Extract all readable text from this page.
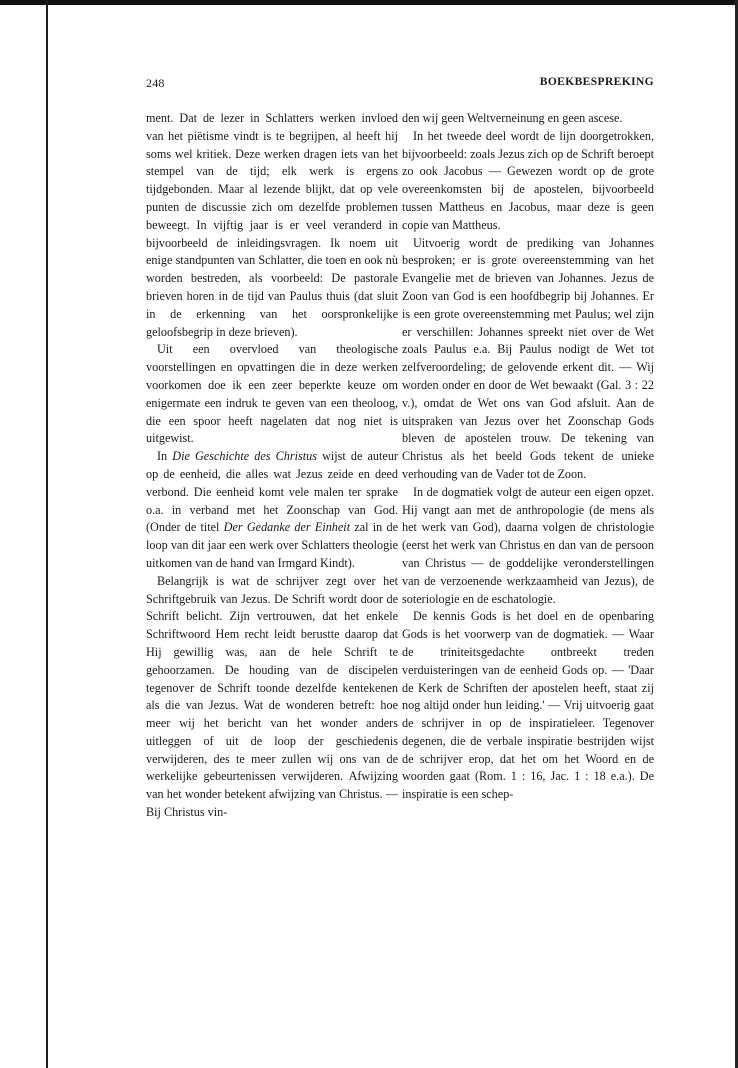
248	BOEKBESPREKING

ment. Dat de lezer in Schlatters werken invloed van het piëtisme vindt is te begrijpen, al heeft hij soms wel kritiek. Deze werken dragen iets van het stempel van de tijd; elk werk is ergens tijdgebonden. Maar al lezende blijkt, dat op vele punten de discussie zich om dezelfde problemen beweegt. In vijftig jaar is er veel veranderd in bijvoorbeeld de inleidingsvragen. Ik noem uit enige standpunten van Schlatter, die toen en ook nù worden bestreden, als voorbeeld: De pastorale brieven horen in de tijd van Paulus thuis (dat sluit in de erkenning van het oorspronkelijke geloofsbegrip in deze brieven).

Uit een overvloed van theologische voorstellingen en opvattingen die in deze werken voorkomen doe ik een zeer beperkte keuze om enigermate een indruk te geven van een theoloog, die een spoor heeft nagelaten dat nog niet is uitgewist.

In Die Geschichte des Christus wijst de auteur op de eenheid, die alles wat Jezus zeide en deed verbond. Die eenheid komt vele malen ter sprake o.a. in verband met het Zoonschap van God. (Onder de titel Der Gedanke der Einheit zal in de loop van dit jaar een werk over Schlatters theologie uitkomen van de hand van Irmgard Kindt).

Belangrijk is wat de schrijver zegt over het Schriftgebruik van Jezus. De Schrift wordt door de Schrift belicht. Zijn vertrouwen, dat het enkele Schriftwoord Hem recht leidt berustte daarop dat Hij gewillig was, aan de hele Schrift te gehoorzamen. De houding van de discipelen tegenover de Schrift toonde dezelfde kentekenen als die van Jezus. Wat de wonderen betreft: hoe meer wij het bericht van het wonder anders uitleggen of uit de loop der geschiedenis verwijderen, des te meer zullen wij ons van de werkelijke gebeurtenissen verwijderen. Afwijzing van het wonder betekent afwijzing van Christus. — Bij Christus vin-

den wij geen Weltverneinung en geen ascese.

In het tweede deel wordt de lijn doorgetrokken, bijvoorbeeld: zoals Jezus zich op de Schrift beroept zo ook Jacobus — Gewezen wordt op de grote overeenkomsten bij de apostelen, bijvoorbeeld tussen Mattheus en Jacobus, maar deze is geen copie van Mattheus.

Uitvoerig wordt de prediking van Johannes besproken; er is grote overeenstemming van het Evangelie met de brieven van Johannes. Jezus de Zoon van God is een hoofdbegrip bij Johannes. Er is een grote overeenstemming met Paulus; wel zijn er verschillen: Johannes spreekt niet over de Wet zoals Paulus e.a. Bij Paulus nodigt de Wet tot zelfveroordeling; de gelovende erkent dit. — Wij worden onder en door de Wet bewaakt (Gal. 3 : 22 v.), omdat de Wet ons van God afsluit. Aan de uitspraken van Jezus over het Zoonschap Gods bleven de apostelen trouw. De tekening van Christus als het beeld Gods tekent de unieke verhouding van de Vader tot de Zoon.

In de dogmatiek volgt de auteur een eigen opzet. Hij vangt aan met de anthropologie (de mens als het werk van God), daarna volgen de christologie (eerst het werk van Christus en dan van de persoon van Christus — de goddelijke veronderstellingen van de verzoenende werkzaamheid van Jezus), de soteriologie en de eschatologie.

De kennis Gods is het doel en de openbaring Gods is het voorwerp van de dogmatiek. — Waar de triniteitsgedachte ontbreekt treden verduisteringen van de eenheid Gods op. — 'Daar de Kerk de Schriften der apostelen heeft, staat zij nog altijd onder hun leiding.' — Vrij uitvoerig gaat de schrijver in op de inspiratieleer. Tegenover degenen, die de verbale inspiratie bestrijden wijst de schrijver erop, dat het om het Woord en de woorden gaat (Rom. 1 : 16, Jac. 1 : 18 e.a.). De inspiratie is een schep-
